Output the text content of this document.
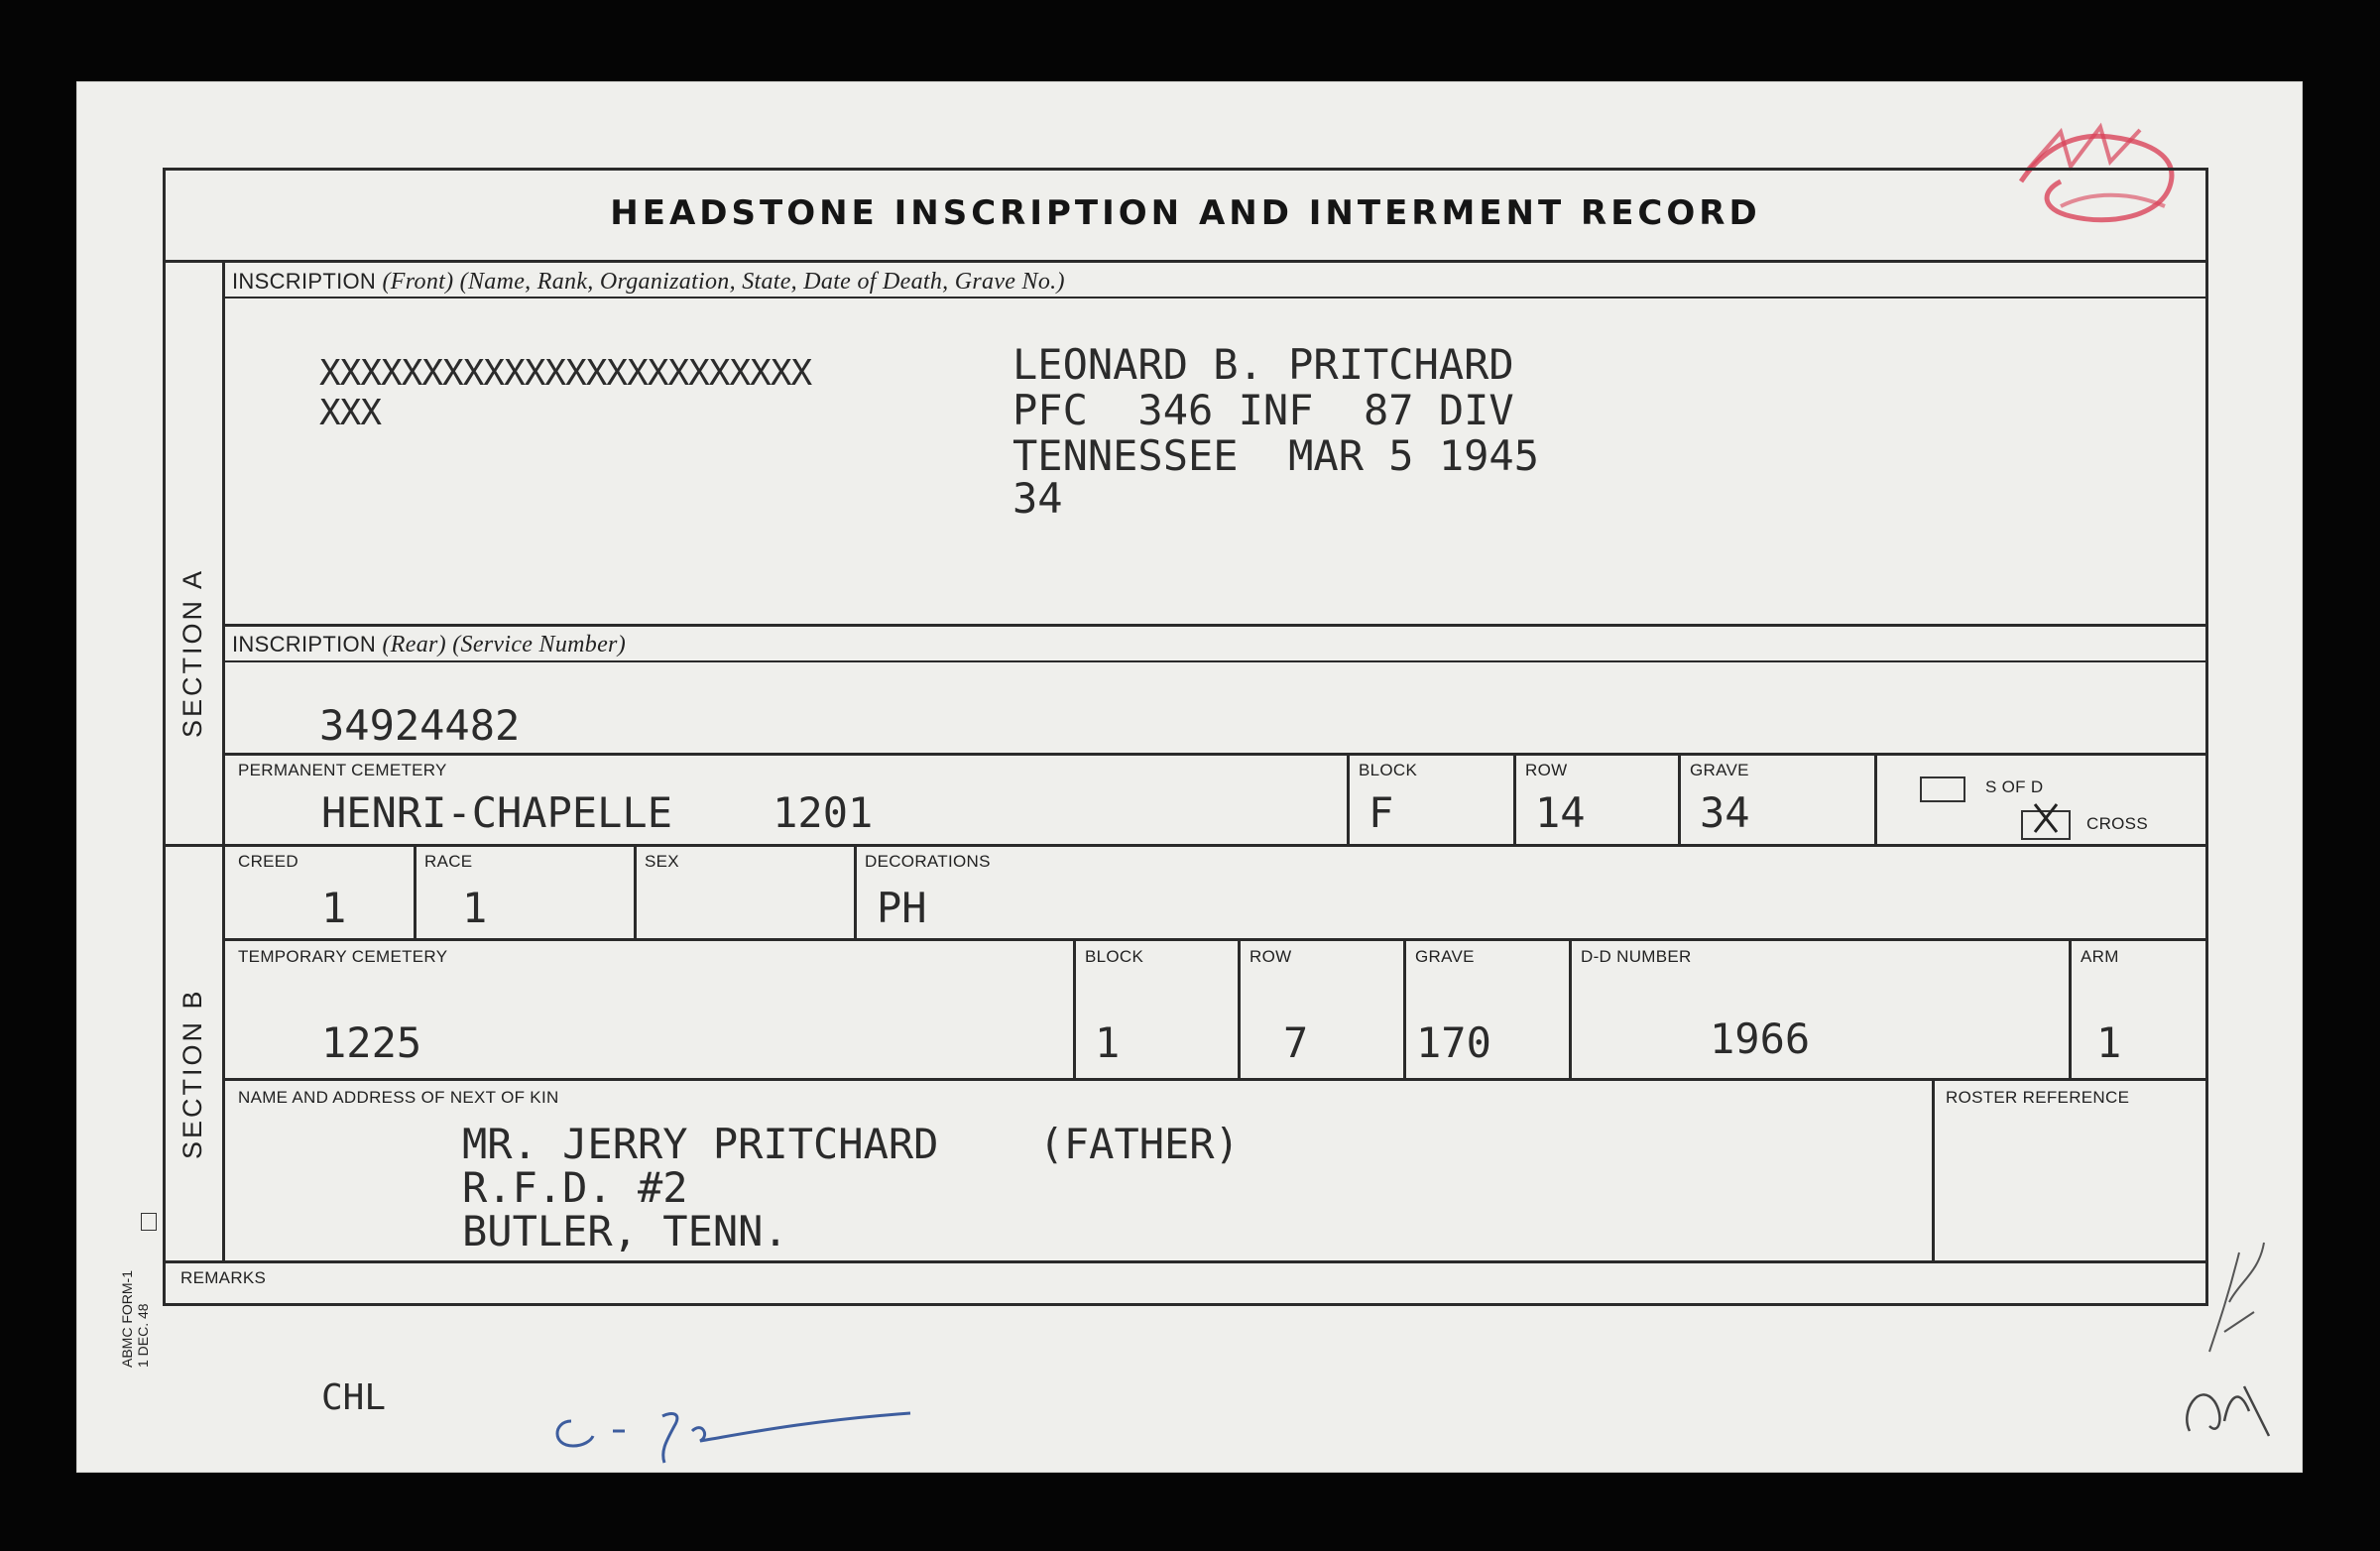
HEADSTONE INSCRIPTION AND INTERMENT RECORD
SECTION A
SECTION B
INSCRIPTION (Front) (Name, Rank, Organization, State, Date of Death, Grave No.)
XXXXXXXXXXXXXXXXXXXXXXXX
XXX
LEONARD B. PRITCHARD
PFC  346 INF  87 DIV
TENNESSEE  MAR 5 1945
34
INSCRIPTION (Rear) (Service Number)
34924482
PERMANENT CEMETERY
HENRI-CHAPELLE    1201
BLOCK
F
ROW
14
GRAVE
34
S OF D
CROSS
CREED
1
RACE
1
SEX	DECORATIONS
PH
TEMPORARY CEMETERY
1225
BLOCK
1
ROW
7
GRAVE
170
D-D NUMBER
1966
ARM
1
NAME AND ADDRESS OF NEXT OF KIN
MR. JERRY PRITCHARD    (FATHER)
R.F.D. #2
BUTLER, TENN.
ROSTER REFERENCE
REMARKS
ABMC FORM-1 1 DEC. 48
CHL
